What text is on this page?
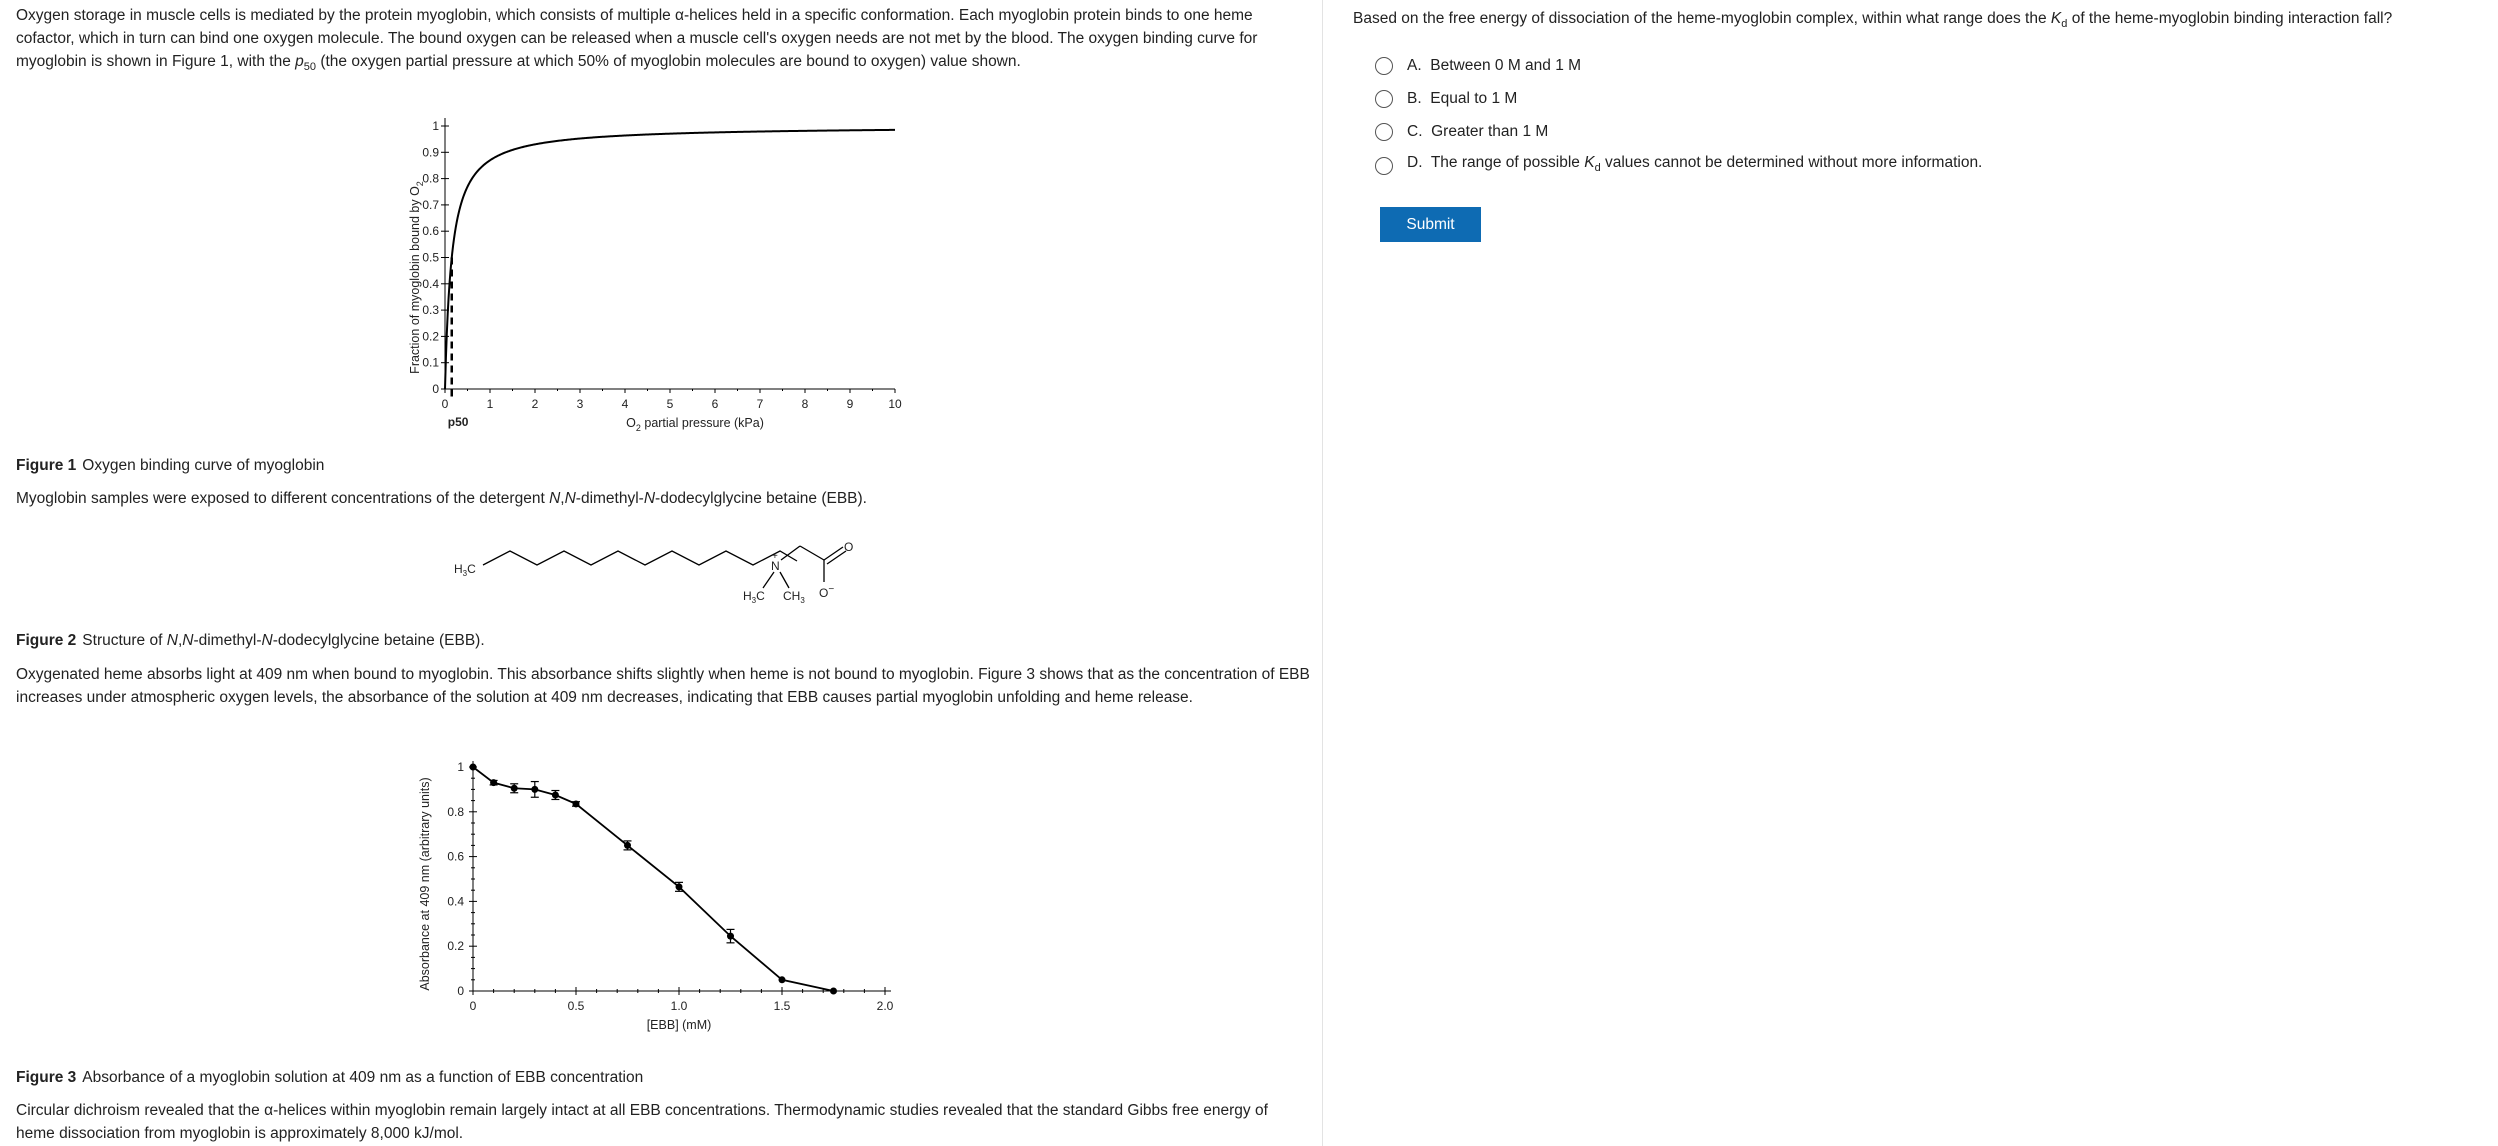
Oxygen storage in muscle cells is mediated by the protein myoglobin, which consists of multiple α-helices held in a specific conformation. Each myoglobin protein binds to one heme cofactor, which in turn can bind one oxygen molecule. The bound oxygen can be released when a muscle cell's oxygen needs are not met by the blood. The oxygen binding curve for myoglobin is shown in Figure 1, with the $p_{50}$ (the oxygen partial pressure at which 50% of myoglobin molecules are bound to oxygen) value shown.

0	1	2	3	4	5	6	7	8	9	10
0
0.1
0.2
0.3
0.4
0.5
0.6
0.7
0.8
0.9
1
p50	$O_2$ partial pressure (kPa)
Fraction of myoglobin bound by $O_2$

Figure 1 Oxygen binding curve of myoglobin

Myoglobin samples were exposed to different concentrations of the detergent N,N-dimethyl-N-dodecylglycine betaine (EBB).

$H_3C$	N
+
$H_3C$ $CH_3$
O
O−

Figure 2 Structure of N,N-dimethyl-N-dodecylglycine betaine (EBB).

Oxygenated heme absorbs light at 409 nm when bound to myoglobin. This absorbance shifts slightly when heme is not bound to myoglobin. Figure 3 shows that as the concentration of EBB increases under atmospheric oxygen levels, the absorbance of the solution at 409 nm decreases, indicating that EBB causes partial myoglobin unfolding and heme release.

0	0.5	1.0	1.5	2.0
0
0.2
0.4
0.6
0.8
1
[EBB] (mM)
Absorbance at 409 nm (arbitrary units)

Figure 3 Absorbance of a myoglobin solution at 409 nm as a function of EBB concentration

Circular dichroism revealed that the α-helices within myoglobin remain largely intact at all EBB concentrations. Thermodynamic studies revealed that the standard Gibbs free energy of heme dissociation from myoglobin is approximately 8,000 kJ/mol.

Based on the free energy of dissociation of the heme-myoglobin complex, within what range does the $K_d$ of the heme-myoglobin binding interaction fall?

A. Between 0 M and 1 M
B. Equal to 1 M
C. Greater than 1 M
D. The range of possible $K_d$ values cannot be determined without more information.
Submit
